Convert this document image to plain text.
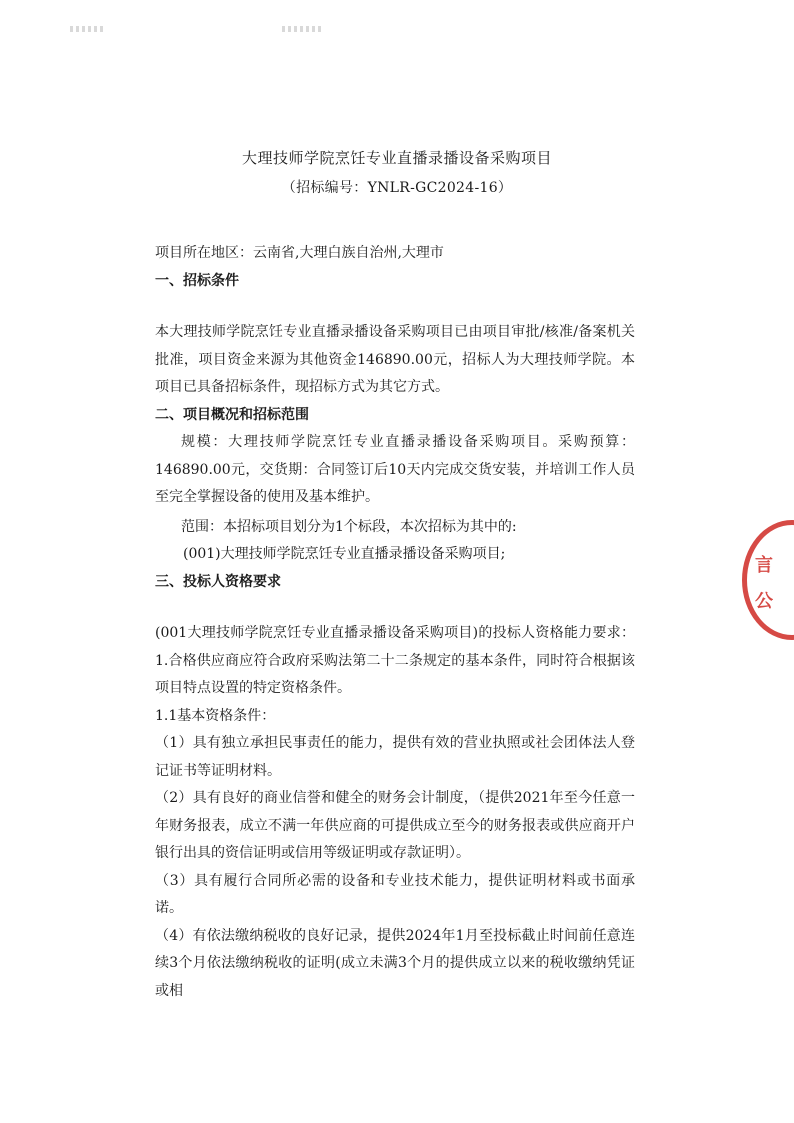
大理技师学院烹饪专业直播录播设备采购项目
（招标编号：YNLR-GC2024-16）

项目所在地区：云南省,大理白族自治州,大理市

一、招标条件

本大理技师学院烹饪专业直播录播设备采购项目已由项目审批/核准/备案机关批准，项目资金来源为其他资金146890.00元，招标人为大理技师学院。本项目已具备招标条件，现招标方式为其它方式。

二、项目概况和招标范围

规模：大理技师学院烹饪专业直播录播设备采购项目。采购预算：146890.00元，交货期：合同签订后10天内完成交货安装，并培训工作人员至完全掌握设备的使用及基本维护。

范围：本招标项目划分为1个标段，本次招标为其中的:

(001)大理技师学院烹饪专业直播录播设备采购项目;

三、投标人资格要求

(001大理技师学院烹饪专业直播录播设备采购项目)的投标人资格能力要求：1.合格供应商应符合政府采购法第二十二条规定的基本条件，同时符合根据该项目特点设置的特定资格条件。

1.1基本资格条件：

（1）具有独立承担民事责任的能力，提供有效的营业执照或社会团体法人登记证书等证明材料。

（2）具有良好的商业信誉和健全的财务会计制度，（提供2021年至今任意一年财务报表，成立不满一年供应商的可提供成立至今的财务报表或供应商开户银行出具的资信证明或信用等级证明或存款证明）。

（3）具有履行合同所必需的设备和专业技术能力，提供证明材料或书面承诺。

（4）有依法缴纳税收的良好记录，提供2024年1月至投标截止时间前任意连续3个月依法缴纳税收的证明(成立未满3个月的提供成立以来的税收缴纳凭证或相

言
公
